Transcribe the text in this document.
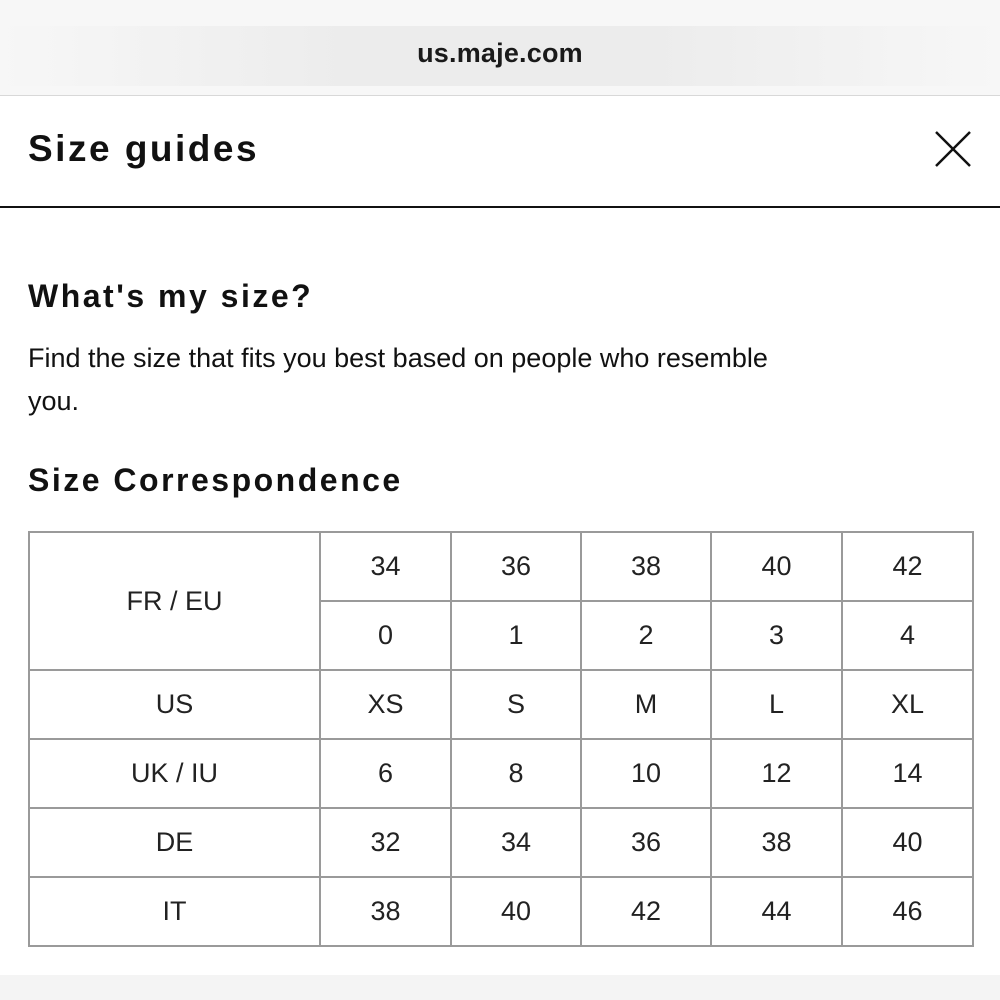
us.maje.com
Size guides
What's my size?
Find the size that fits you best based on people who resemble you.
Size Correspondence
FR / EU	34	36	38	40	42
	0	1	2	3	4
US	XS	S	M	L	XL
UK / IU	6	8	10	12	14
DE	32	34	36	38	40
IT	38	40	42	44	46
